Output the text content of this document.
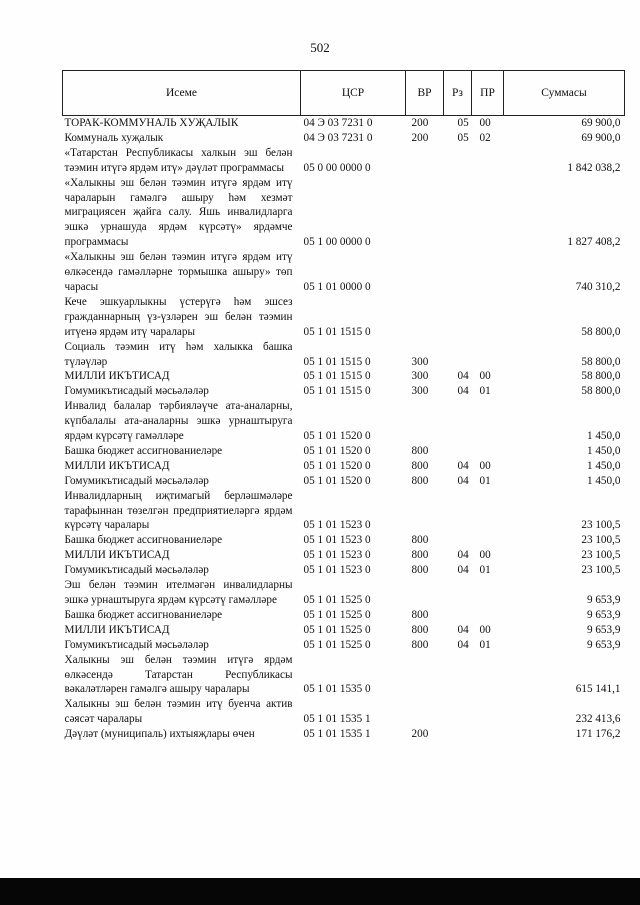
502
Исеме	ЦСР	ВР	Рз	ПР	Суммасы
ТОРАК-КОММУНАЛЬ ХУҖАЛЫК	04 Э 03 7231 0	200	05	00	69 900,0
Коммуналь хуҗалык	04 Э 03 7231 0	200	05	02	69 900,0
«Татарстан Республикасы халкын эш белән тәэмин итүгә ярдәм итү» дәүләт программасы	05 0 00 0000 0				1 842 038,2
«Халыкны эш белән тәэмин итүгә ярдәм итү чараларын гамәлгә ашыру һәм хезмәт миграциясен җайга салу. Яшь инвалидларга эшкә урнашуда ярдәм күрсәтү» ярдәмче программасы	05 1 00 0000 0				1 827 408,2
«Халыкны эш белән тәэмин итүгә ярдәм итү өлкәсендә гамәлләрне тормышка ашыру» төп чарасы	05 1 01 0000 0				740 310,2
Кече эшкуарлыкны үстерүгә һәм эшсез гражданнарның үз-үзләрен эш белән тәэмин итүенә ярдәм итү чаралары	05 1 01 1515 0				58 800,0
Социаль тәэмин итү һәм халыкка башка түләүләр	05 1 01 1515 0	300			58 800,0
МИЛЛИ ИКЪТИСАД	05 1 01 1515 0	300	04	00	58 800,0
Гомумикътисадый мәсьәләләр	05 1 01 1515 0	300	04	01	58 800,0
Инвалид балалар тәрбияләүче ата-аналарны, күпбалалы ата-аналарны эшкә урнаштыруга ярдәм күрсәтү гамәлләре	05 1 01 1520 0				1 450,0
Башка бюджет ассигнованиеләре	05 1 01 1520 0	800			1 450,0
МИЛЛИ ИКЪТИСАД	05 1 01 1520 0	800	04	00	1 450,0
Гомумикътисадый мәсьәләләр	05 1 01 1520 0	800	04	01	1 450,0
Инвалидларның иҗтимагый берләшмәләре тарафыннан төзелгән предприятиеләргә ярдәм күрсәтү чаралары	05 1 01 1523 0				23 100,5
Башка бюджет ассигнованиеләре	05 1 01 1523 0	800			23 100,5
МИЛЛИ ИКЪТИСАД	05 1 01 1523 0	800	04	00	23 100,5
Гомумикътисадый мәсьәләләр	05 1 01 1523 0	800	04	01	23 100,5
Эш белән тәэмин ителмәгән инвалидларны эшкә урнаштыруга ярдәм күрсәтү гамәлләре	05 1 01 1525 0				9 653,9
Башка бюджет ассигнованиеләре	05 1 01 1525 0	800			9 653,9
МИЛЛИ ИКЪТИСАД	05 1 01 1525 0	800	04	00	9 653,9
Гомумикътисадый мәсьәләләр	05 1 01 1525 0	800	04	01	9 653,9
Халыкны эш белән тәэмин итүгә ярдәм өлкәсендә Татарстан Республикасы вәкаләтләрен гамәлгә ашыру чаралары	05 1 01 1535 0				615 141,1
Халыкны эш белән тәэмин итү буенча актив сәясәт чаралары	05 1 01 1535 1				232 413,6
Дәүләт (муниципаль) ихтыяҗлары өчен	05 1 01 1535 1	200			171 176,2
